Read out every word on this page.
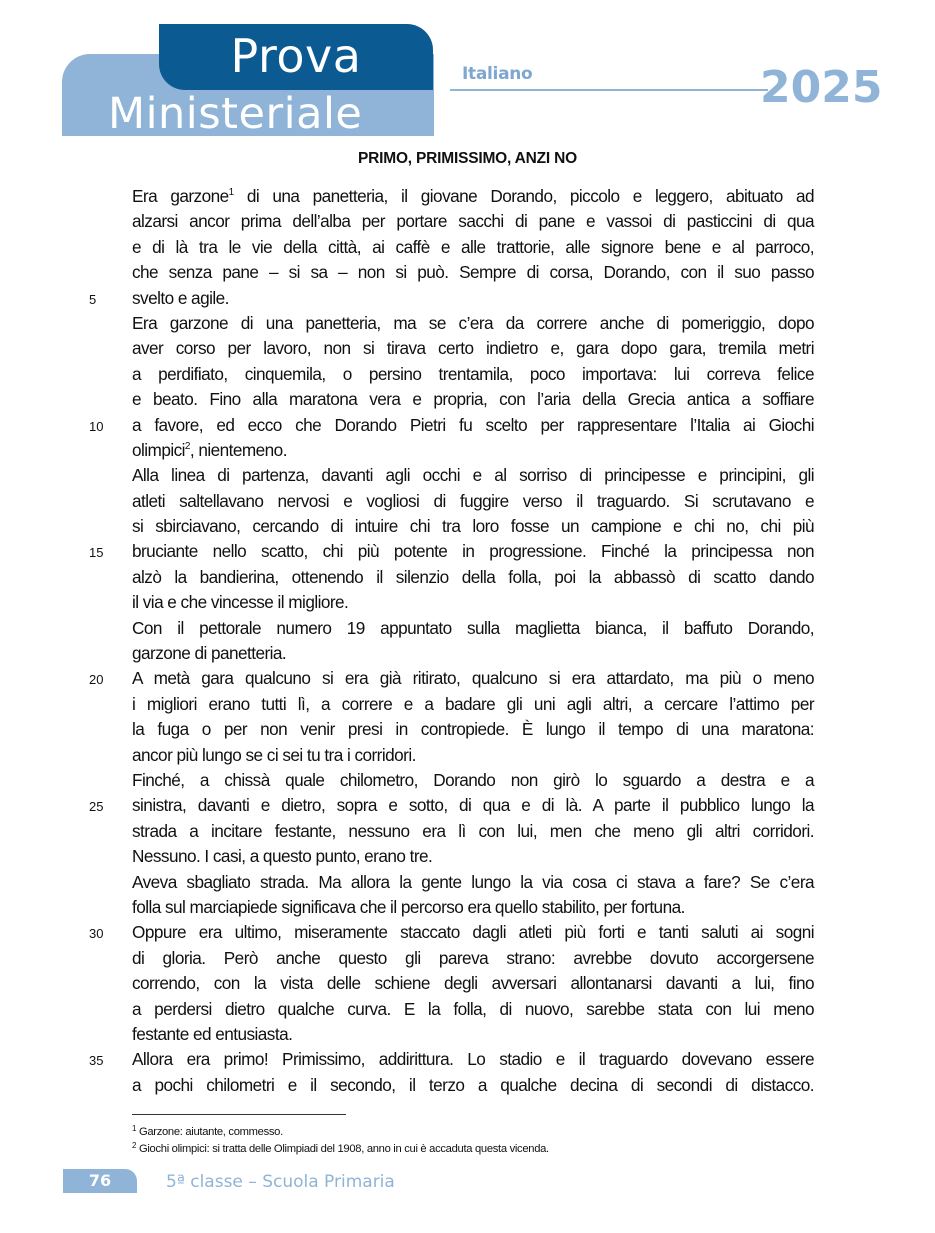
Prova
Ministeriale
Italiano	2025
PRIMO, PRIMISSIMO, ANZI NO
Era garzone$^1$ di una panetteria, il giovane Dorando, piccolo e leggero, abituato ad
alzarsi ancor prima dell’alba per portare sacchi di pane e vassoi di pasticcini di qua
e di là tra le vie della città, ai caffè e alle trattorie, alle signore bene e al parroco,
che senza pane – si sa – non si può. Sempre di corsa, Dorando, con il suo passo
5	svelto e agile.
Era garzone di una panetteria, ma se c’era da correre anche di pomeriggio, dopo
aver corso per lavoro, non si tirava certo indietro e, gara dopo gara, tremila metri
a perdifiato, cinquemila, o persino trentamila, poco importava: lui correva felice
e beato. Fino alla maratona vera e propria, con l’aria della Grecia antica a soffiare
10	a favore, ed ecco che Dorando Pietri fu scelto per rappresentare l’Italia ai Giochi
olimpici$^2$, nientemeno.
Alla linea di partenza, davanti agli occhi e al sorriso di principesse e principini, gli
atleti saltellavano nervosi e vogliosi di fuggire verso il traguardo. Si scrutavano e
si sbirciavano, cercando di intuire chi tra loro fosse un campione e chi no, chi più
15	bruciante nello scatto, chi più potente in progressione. Finché la principessa non
alzò la bandierina, ottenendo il silenzio della folla, poi la abbassò di scatto dando
il via e che vincesse il migliore.
Con il pettorale numero 19 appuntato sulla maglietta bianca, il baffuto Dorando,
garzone di panetteria.
20	A metà gara qualcuno si era già ritirato, qualcuno si era attardato, ma più o meno
i migliori erano tutti lì, a correre e a badare gli uni agli altri, a cercare l’attimo per
la fuga o per non venir presi in contropiede. È lungo il tempo di una maratona:
ancor più lungo se ci sei tu tra i corridori.
Finché, a chissà quale chilometro, Dorando non girò lo sguardo a destra e a
25	sinistra, davanti e dietro, sopra e sotto, di qua e di là. A parte il pubblico lungo la
strada a incitare festante, nessuno era lì con lui, men che meno gli altri corridori.
Nessuno. I casi, a questo punto, erano tre.
Aveva sbagliato strada. Ma allora la gente lungo la via cosa ci stava a fare? Se c’era
folla sul marciapiede significava che il percorso era quello stabilito, per fortuna.
30	Oppure era ultimo, miseramente staccato dagli atleti più forti e tanti saluti ai sogni
di gloria. Però anche questo gli pareva strano: avrebbe dovuto accorgersene
correndo, con la vista delle schiene degli avversari allontanarsi davanti a lui, fino
a perdersi dietro qualche curva. E la folla, di nuovo, sarebbe stata con lui meno
festante ed entusiasta.
35	Allora era primo! Primissimo, addirittura. Lo stadio e il traguardo dovevano essere
a pochi chilometri e il secondo, il terzo a qualche decina di secondi di distacco.
$^1$ Garzone: aiutante, commesso.
$^2$ Giochi olimpici: si tratta delle Olimpiadi del 1908, anno in cui è accaduta questa vicenda.
76	5ª classe – Scuola Primaria
